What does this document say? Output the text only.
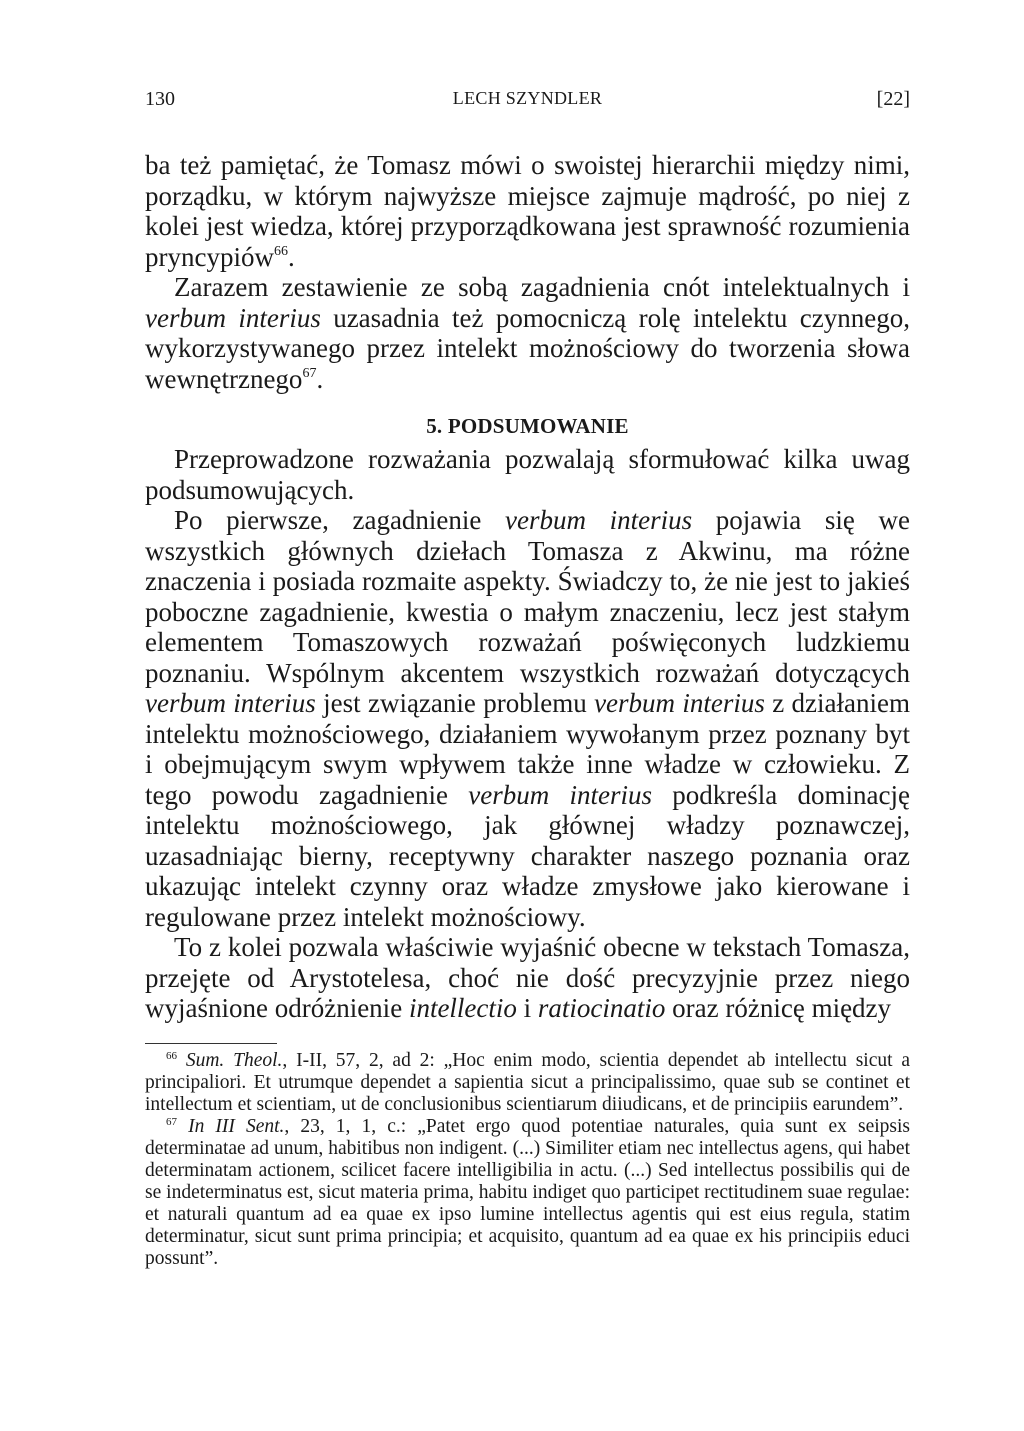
130	LECH SZYNDLER	[22]

ba też pamiętać, że Tomasz mówi o swoistej hierarchii między nimi, porządku, w którym najwyższe miejsce zajmuje mądrość, po niej z kolei jest wiedza, której przyporządkowana jest sprawność rozumienia pryncypiów$^{66}$.

Zarazem zestawienie ze sobą zagadnienia cnót intelektualnych i verbum interius uzasadnia też pomocniczą rolę intelektu czynnego, wykorzystywanego przez intelekt możnościowy do tworzenia słowa wewnętrznego$^{67}$.

5. PODSUMOWANIE

Przeprowadzone rozważania pozwalają sformułować kilka uwag podsumowujących.

Po pierwsze, zagadnienie verbum interius pojawia się we wszystkich głównych dziełach Tomasza z Akwinu, ma różne znaczenia i posiada rozmaite aspekty. Świadczy to, że nie jest to jakieś poboczne zagadnienie, kwestia o małym znaczeniu, lecz jest stałym elementem Tomaszowych rozważań poświęconych ludzkiemu poznaniu. Wspólnym akcentem wszystkich rozważań dotyczących verbum interius jest związanie problemu verbum interius z działaniem intelektu możnościowego, działaniem wywołanym przez poznany byt i obejmującym swym wpływem także inne władze w człowieku. Z tego powodu zagadnienie verbum interius podkreśla dominację intelektu możnościowego, jak głównej władzy poznawczej, uzasadniając bierny, receptywny charakter naszego poznania oraz ukazując intelekt czynny oraz władze zmysłowe jako kierowane i regulowane przez intelekt możnościowy.

To z kolei pozwala właściwie wyjaśnić obecne w tekstach Tomasza, przejęte od Arystotelesa, choć nie dość precyzyjnie przez niego wyjaśnione odróżnienie intellectio i ratiocinatio oraz różnicę między

$^{66}$ Sum. Theol., I-II, 57, 2, ad 2: „Hoc enim modo, scientia dependet ab intellectu sicut a principaliori. Et utrumque dependet a sapientia sicut a principalissimo, quae sub se continet et intellectum et scientiam, ut de conclusionibus scientiarum diiudicans, et de principiis earundem”.

$^{67}$ In III Sent., 23, 1, 1, c.: „Patet ergo quod potentiae naturales, quia sunt ex seipsis determinatae ad unum, habitibus non indigent. (...) Similiter etiam nec intellectus agens, qui habet determinatam actionem, scilicet facere intelligibilia in actu. (...) Sed intellectus possibilis qui de se indeterminatus est, sicut materia prima, habitu indiget quo participet rectitudinem suae regulae: et naturali quantum ad ea quae ex ipso lumine intellectus agentis qui est eius regula, statim determinatur, sicut sunt prima principia; et acquisito, quantum ad ea quae ex his principiis educi possunt”.
